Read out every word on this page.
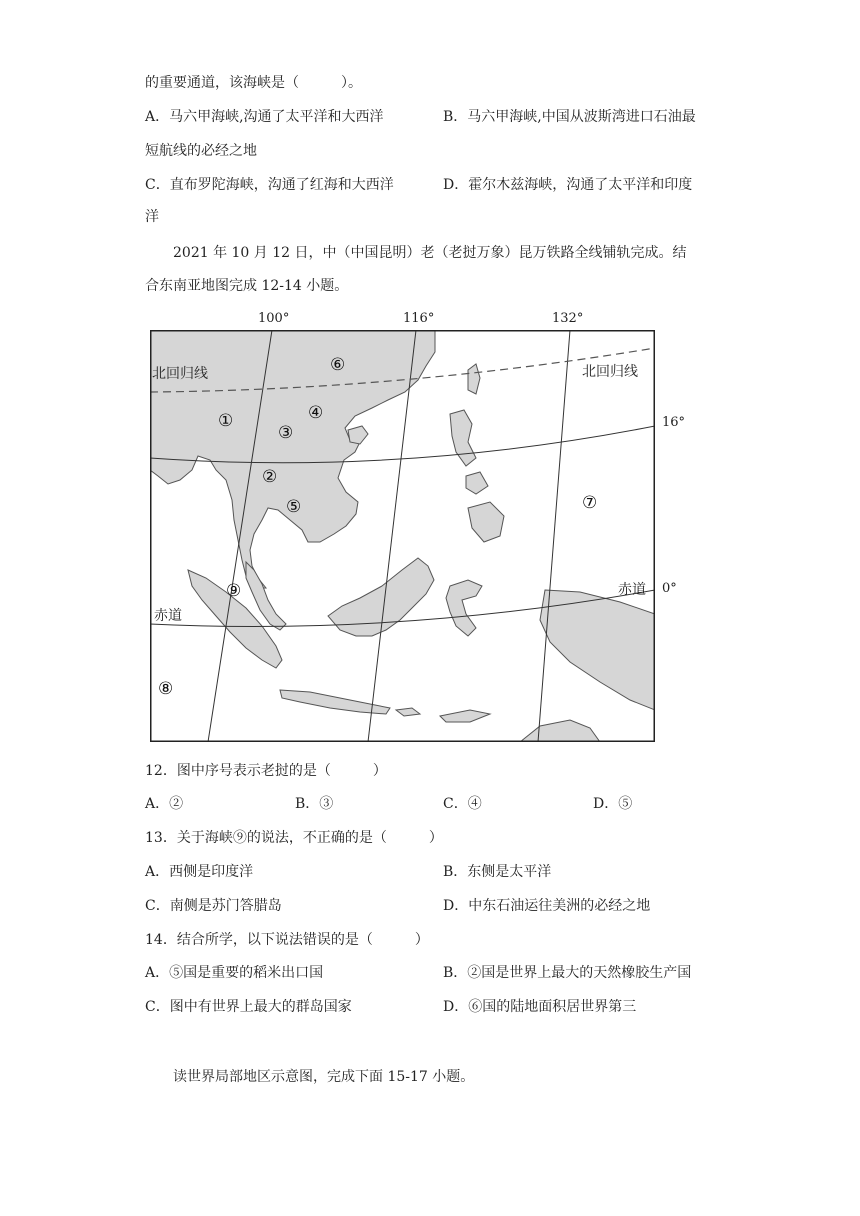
的重要通道，该海峡是（　　　）。
A．马六甲海峡,沟通了太平洋和大西洋	B．马六甲海峡,中国从波斯湾进口石油最
短航线的必经之地
C．直布罗陀海峡，沟通了红海和大西洋	D．霍尔木兹海峡，沟通了太平洋和印度
洋
2021 年 10 月 12 日，中（中国昆明）老（老挝万象）昆万铁路全线铺轨完成。结
合东南亚地图完成 12-14 小题。
100°	116°	132°
16°
0°
北回归线	北回归线
赤道
赤道
①
②
③
④
⑤
⑥
⑦
⑧
⑨
12．图中序号表示老挝的是（　　　）
A．②	B．③	C．④	D．⑤
13．关于海峡⑨的说法，不正确的是（　　　）
A．西侧是印度洋	B．东侧是太平洋
C．南侧是苏门答腊岛	D．中东石油运往美洲的必经之地
14．结合所学，以下说法错误的是（　　　）
A．⑤国是重要的稻米出口国	B．②国是世界上最大的天然橡胶生产国
C．图中有世界上最大的群岛国家	D．⑥国的陆地面积居世界第三
读世界局部地区示意图，完成下面 15-17 小题。
